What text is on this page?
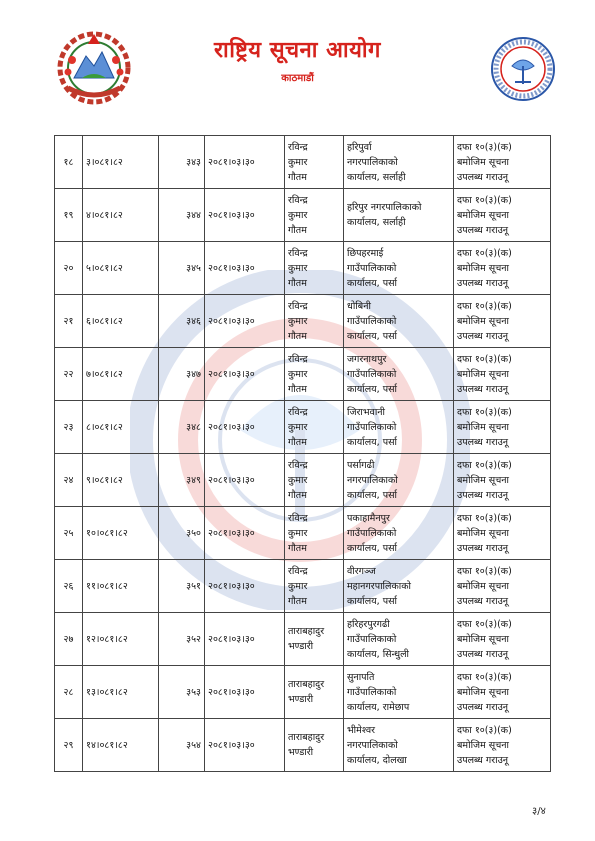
राष्ट्रिय सूचना आयोग
काठमाडौं
१८	३।०८१।८२	३४३	२०८१।०३।३०	रविन्द्र
कुमार
गौतम	हरिपुर्वा
नगरपालिकाको
कार्यालय, सर्लाही	दफा १०(३)(क)
बमोजिम सूचना
उपलब्ध गराउनू

१९	४।०८१।८२	३४४	२०८१।०३।३०	रविन्द्र
कुमार
गौतम	हरिपुर नगरपालिकाको
कार्यालय, सर्लाही	दफा १०(३)(क)
बमोजिम सूचना
उपलब्ध गराउनू

२०	५।०८१।८२	३४५	२०८१।०३।३०	रविन्द्र
कुमार
गौतम	छिपहरमाई
गाउँपालिकाको
कार्यालय, पर्सा	दफा १०(३)(क)
बमोजिम सूचना
उपलब्ध गराउनू

२१	६।०८१।८२	३४६	२०८१।०३।३०	रविन्द्र
कुमार
गौतम	धोबिनी
गाउँपालिकाको
कार्यालय, पर्सा	दफा १०(३)(क)
बमोजिम सूचना
उपलब्ध गराउनू

२२	७।०८१।८२	३४७	२०८१।०३।३०	रविन्द्र
कुमार
गौतम	जगरनाथपुर
गाउँपालिकाको
कार्यालय, पर्सा	दफा १०(३)(क)
बमोजिम सूचना
उपलब्ध गराउनू

२३	८।०८१।८२	३४८	२०८१।०३।३०	रविन्द्र
कुमार
गौतम	जिराभवानी
गाउँपालिकाको
कार्यालय, पर्सा	दफा १०(३)(क)
बमोजिम सूचना
उपलब्ध गराउनू

२४	९।०८१।८२	३४९	२०८१।०३।३०	रविन्द्र
कुमार
गौतम	पर्सागढी
नगरपालिकाको
कार्यालय, पर्सा	दफा १०(३)(क)
बमोजिम सूचना
उपलब्ध गराउनू

२५	१०।०८१।८२	३५०	२०८१।०३।३०	रविन्द्र
कुमार
गौतम	पकाहामैनपुर
गाउँपालिकाको
कार्यालय, पर्सा	दफा १०(३)(क)
बमोजिम सूचना
उपलब्ध गराउनू

२६	११।०८१।८२	३५१	२०८१।०३।३०	रविन्द्र
कुमार
गौतम	वीरगञ्ज
महानगरपालिकाको
कार्यालय, पर्सा	दफा १०(३)(क)
बमोजिम सूचना
उपलब्ध गराउनू

२७	१२।०८१।८२	३५२	२०८१।०३।३०	ताराबहादुर
भण्डारी	हरिहरपुरगढी
गाउँपालिकाको
कार्यालय, सिन्धुली	दफा १०(३)(क)
बमोजिम सूचना
उपलब्ध गराउनू

२८	१३।०८१।८२	३५३	२०८१।०३।३०	ताराबहादुर
भण्डारी	सुनापति
गाउँपालिकाको
कार्यालय, रामेछाप	दफा १०(३)(क)
बमोजिम सूचना
उपलब्ध गराउनू

२९	१४।०८१।८२	३५४	२०८१।०३।३०	ताराबहादुर
भण्डारी	भीमेश्वर
नगरपालिकाको
कार्यालय, दोलखा	दफा १०(३)(क)
बमोजिम सूचना
उपलब्ध गराउनू
३/४
